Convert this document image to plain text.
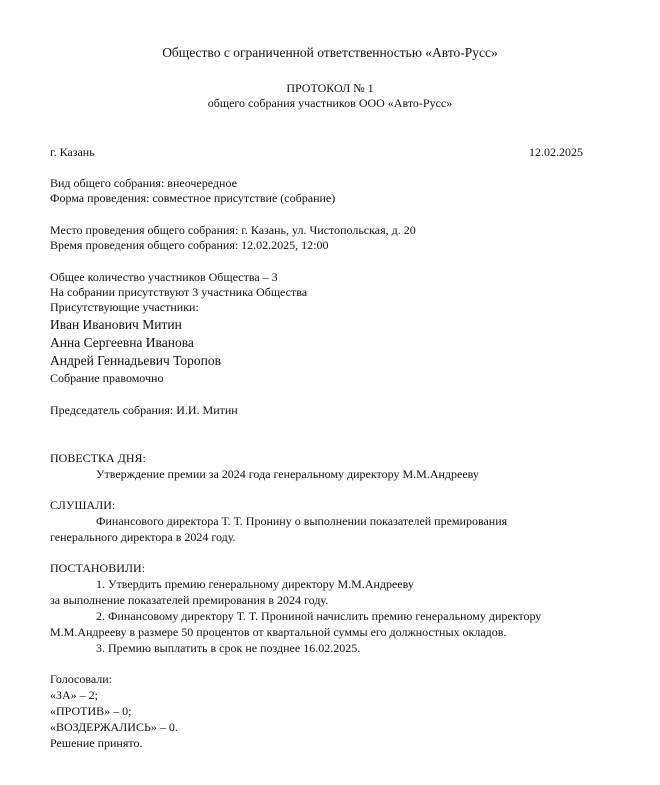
Общество с ограниченной ответственностью «Авто-Русс»
ПРОТОКОЛ № 1
общего собрания участников ООО «Авто-Русс»
г. Казань	12.02.2025
Вид общего собрания: внеочередное
Форма проведения: совместное присутствие (собрание)
Место проведения общего собрания: г. Казань, ул. Чистопольская, д. 20
Время проведения общего собрания: 12.02.2025, 12:00
Общее количество участников Общества – 3
На собрании присутствуют 3 участника Общества
Присутствующие участники:
Иван Иванович Митин
Анна Сергеевна Иванова
Андрей Геннадьевич Торопов
Собрание правомочно
Председатель собрания: И.И. Митин
ПОВЕСТКА ДНЯ:
Утверждение премии за 2024 года генеральному директору М.М.Андрееву
СЛУШАЛИ:
Финансового директора Т. Т. Пронину о выполнении показателей премирования
генерального директора в 2024 году.
ПОСТАНОВИЛИ:
1. Утвердить премию генеральному директору М.М.Андрееву
за выполнение показателей премирования в 2024 году.
2. Финансовому директору Т. Т. Прониной начислить премию генеральному директору
М.М.Андрееву в размере 50 процентов от квартальной суммы его должностных окладов.
3. Премию выплатить в срок не позднее 16.02.2025.
Голосовали:
«ЗА» – 2;
«ПРОТИВ» – 0;
«ВОЗДЕРЖАЛИСЬ» – 0.
Решение принято.
